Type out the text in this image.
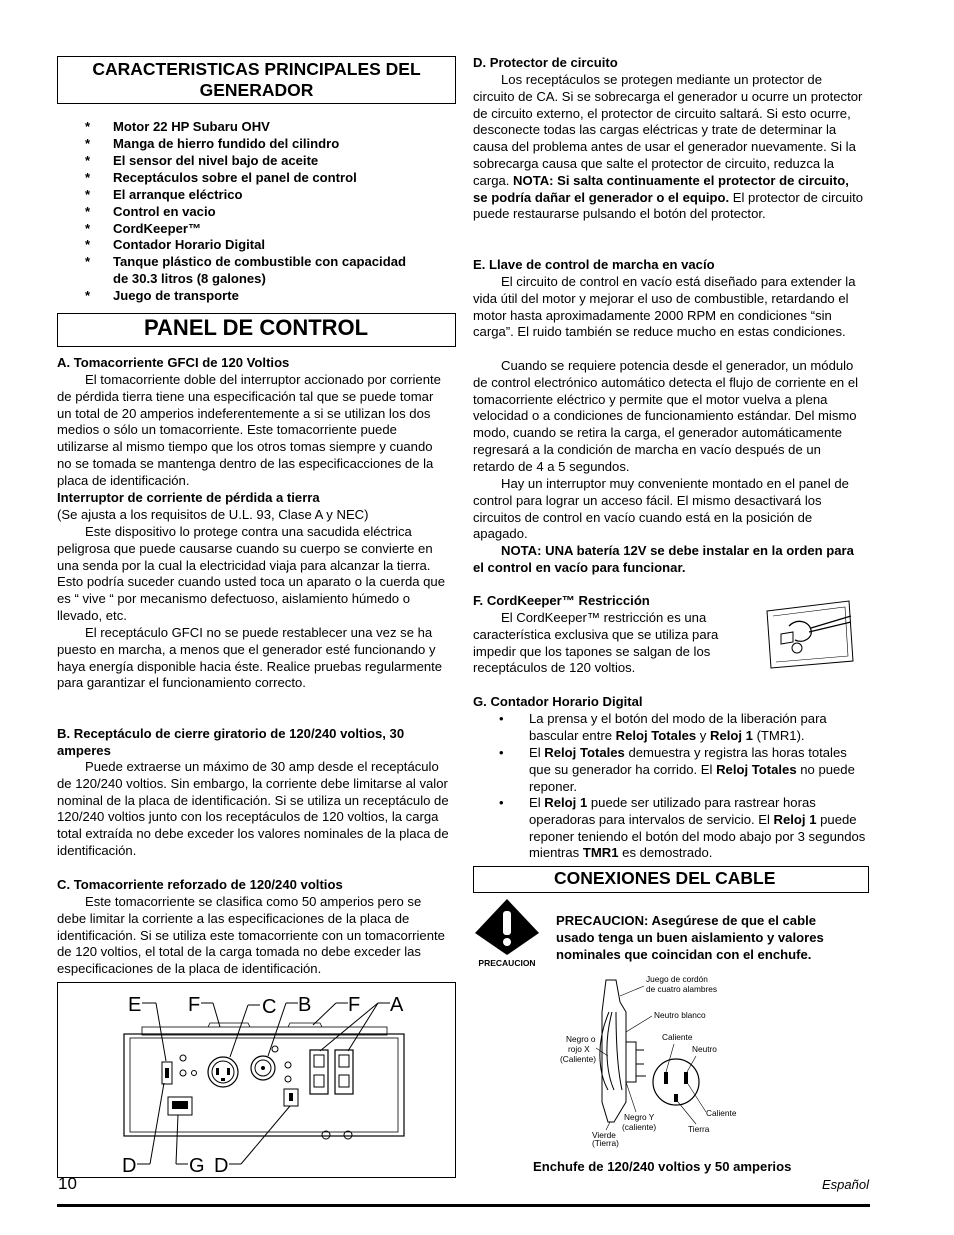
CARACTERISTICAS PRINCIPALES DEL GENERADOR
* Motor 22 HP Subaru OHV
* Manga de hierro fundido del cilindro
* El sensor del nivel bajo de aceite
* Receptáculos sobre el panel de control
* El arranque eléctrico
* Control en vacio
* CordKeeper™
* Contador Horario Digital
* Tanque plástico de combustible con capacidad
de 30.3 litros (8 galones)
* Juego de transporte
PANEL DE CONTROL
A. Tomacorriente GFCI de 120 Voltios
El tomacorriente doble del interruptor accionado por corriente de pérdida tierra tiene una especificación tal que se puede tomar un total de 20 amperios indeferentemente a si se utilizan los dos medios o sólo un tomacorriente. Este tomacorriente puede utilizarse al mismo tiempo que los otros tomas siempre y cuando no se tomada se mantenga dentro de las especificacciones de la placa de identificación.
Interruptor de corriente de pérdida a tierra
(Se ajusta a los requisitos de U.L. 93, Clase A y NEC)
Este dispositivo lo protege contra una sacudida eléctrica peligrosa que puede causarse cuando su cuerpo se convierte en una senda por la cual la electricidad viaja para alcanzar la tierra. Esto podría suceder cuando usted toca un aparato o la cuerda que es “ vive “ por mecanismo defectuoso, aislamiento húmedo o llevado, etc.
El receptáculo GFCI no se puede restablecer una vez se ha puesto en marcha, a menos que el generador esté funcionando y haya energía disponible hacia éste. Realice pruebas regularmente para garantizar el funcionamiento correcto.
B. Receptáculo de cierre giratorio de 120/240 voltios, 30 amperes
Puede extraerse un máximo de 30 amp desde el receptáculo de 120/240 voltios. Sin embargo, la corriente debe limitarse al valor nominal de la placa de identificación. Si se utiliza un receptáculo de 120/240 voltios junto con los receptáculos de 120 voltios, la carga total extraída no debe exceder los valores nominales de la placa de identificación.
C. Tomacorriente reforzado de 120/240 voltios
Este tomacorriente se clasifica como 50 amperios pero se debe limitar la corriente a las especificaciones de la placa de identificación. Si se utiliza este tomacorriente con un tomacorriente de 120 voltios, el total de la carga tomada no debe exceder las especificaciones de la placa de identificación.
E F	C B F A
D	G D
D. Protector de circuito
Los receptáculos se protegen mediante un protector de circuito de CA. Si se sobrecarga el generador u ocurre un protector de circuito externo, el protector de circuito saltará. Si esto ocurre, desconecte todas las cargas eléctricas y trate de determinar la causa del problema antes de usar el generador nuevamente. Si la sobrecarga causa que salte el protector de circuito, reduzca la carga. NOTA: Si salta continuamente el protector de circuito, se podría dañar el generador o el equipo. El protector de circuito puede restaurarse pulsando el botón del protector.
E. Llave de control de marcha en vacío
El circuito de control en vacío está diseñado para extender la vida útil del motor y mejorar el uso de combustible, retardando el motor hasta aproximadamente 2000 RPM en condiciones “sin carga”. El ruido también se reduce mucho en estas condiciones.
Cuando se requiere potencia desde el generador, un módulo de control electrónico automático detecta el flujo de corriente en el tomacorriente eléctrico y permite que el motor vuelva a plena velocidad o a condiciones de funcionamiento estándar. Del mismo modo, cuando se retira la carga, el generador automáticamente regresará a la condición de marcha en vacío después de un retardo de 4 a 5 segundos.
Hay un interruptor muy conveniente montado en el panel de control para lograr un acceso fácil. El mismo desactivará los circuitos de control en vacío cuando está en la posición de apagado.
NOTA: UNA batería 12V se debe instalar en la orden para el control en vacío para funcionar.
F. CordKeeper™ Restricción
El CordKeeper™ restricción es una característica exclusiva que se utiliza para impedir que los tapones se salgan de los receptáculos de 120 voltios.
G. Contador Horario Digital
• La prensa y el botón del modo de la liberación para bascular entre Reloj Totales y Reloj 1 (TMR1).
• El Reloj Totales demuestra y registra las horas totales que su generador ha corrido. El Reloj Totales no puede reponer.
• El Reloj 1 puede ser utilizado para rastrear horas operadoras para intervalos de servicio. El Reloj 1 puede reponer teniendo el botón del modo abajo por 3 segundos mientras TMR1 es demostrado.
CONEXIONES DEL CABLE
PRECAUCION
PRECAUCION: Asegúrese de que el cable usado tenga un buen aislamiento y valores nominales que coincidan con el enchufe.
Juego de cordón
de cuatro alambres
Neutro blanco
Negro o
rojo X
(Caliente)
Caliente
Neutro
Negro Y
(caliente)
Caliente
Vierde
(Tierra)
Tierra
Enchufe de 120/240 voltios y 50 amperios
10	Español
